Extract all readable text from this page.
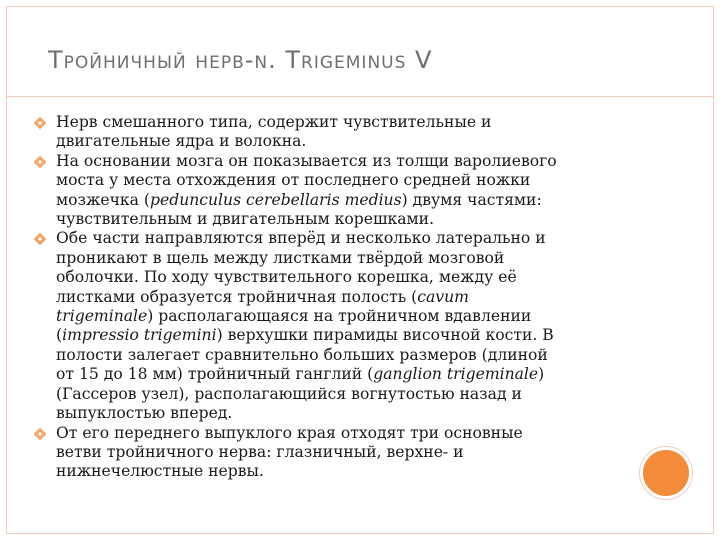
Тройничный нерв-n. Trigeminus V
Нерв смешанного типа, содержит чувствительные и
двигательные ядра и волокна.
На основании мозга он показывается из толщи варолиевого
моста у места отхождения от последнего средней ножки
мозжечка (pedunculus cerebellaris medius) двумя частями:
чувствительным и двигательным корешками.
Обе части направляются вперёд и несколько латерально и
проникают в щель между листками твёрдой мозговой
оболочки. По ходу чувствительного корешка, между её
листками образуется тройничная полость (cavum
trigeminale) располагающаяся на тройничном вдавлении
(impressio trigemini) верхушки пирамиды височной кости. В
полости залегает сравнительно больших размеров (длиной
от 15 до 18 мм) тройничный ганглий (ganglion trigeminale)
(Гассеров узел), располагающийся вогнутостью назад и
выпуклостью вперед.
От его переднего выпуклого края отходят три основные
ветви тройничного нерва: глазничный, верхне- и
нижнечелюстные нервы.
